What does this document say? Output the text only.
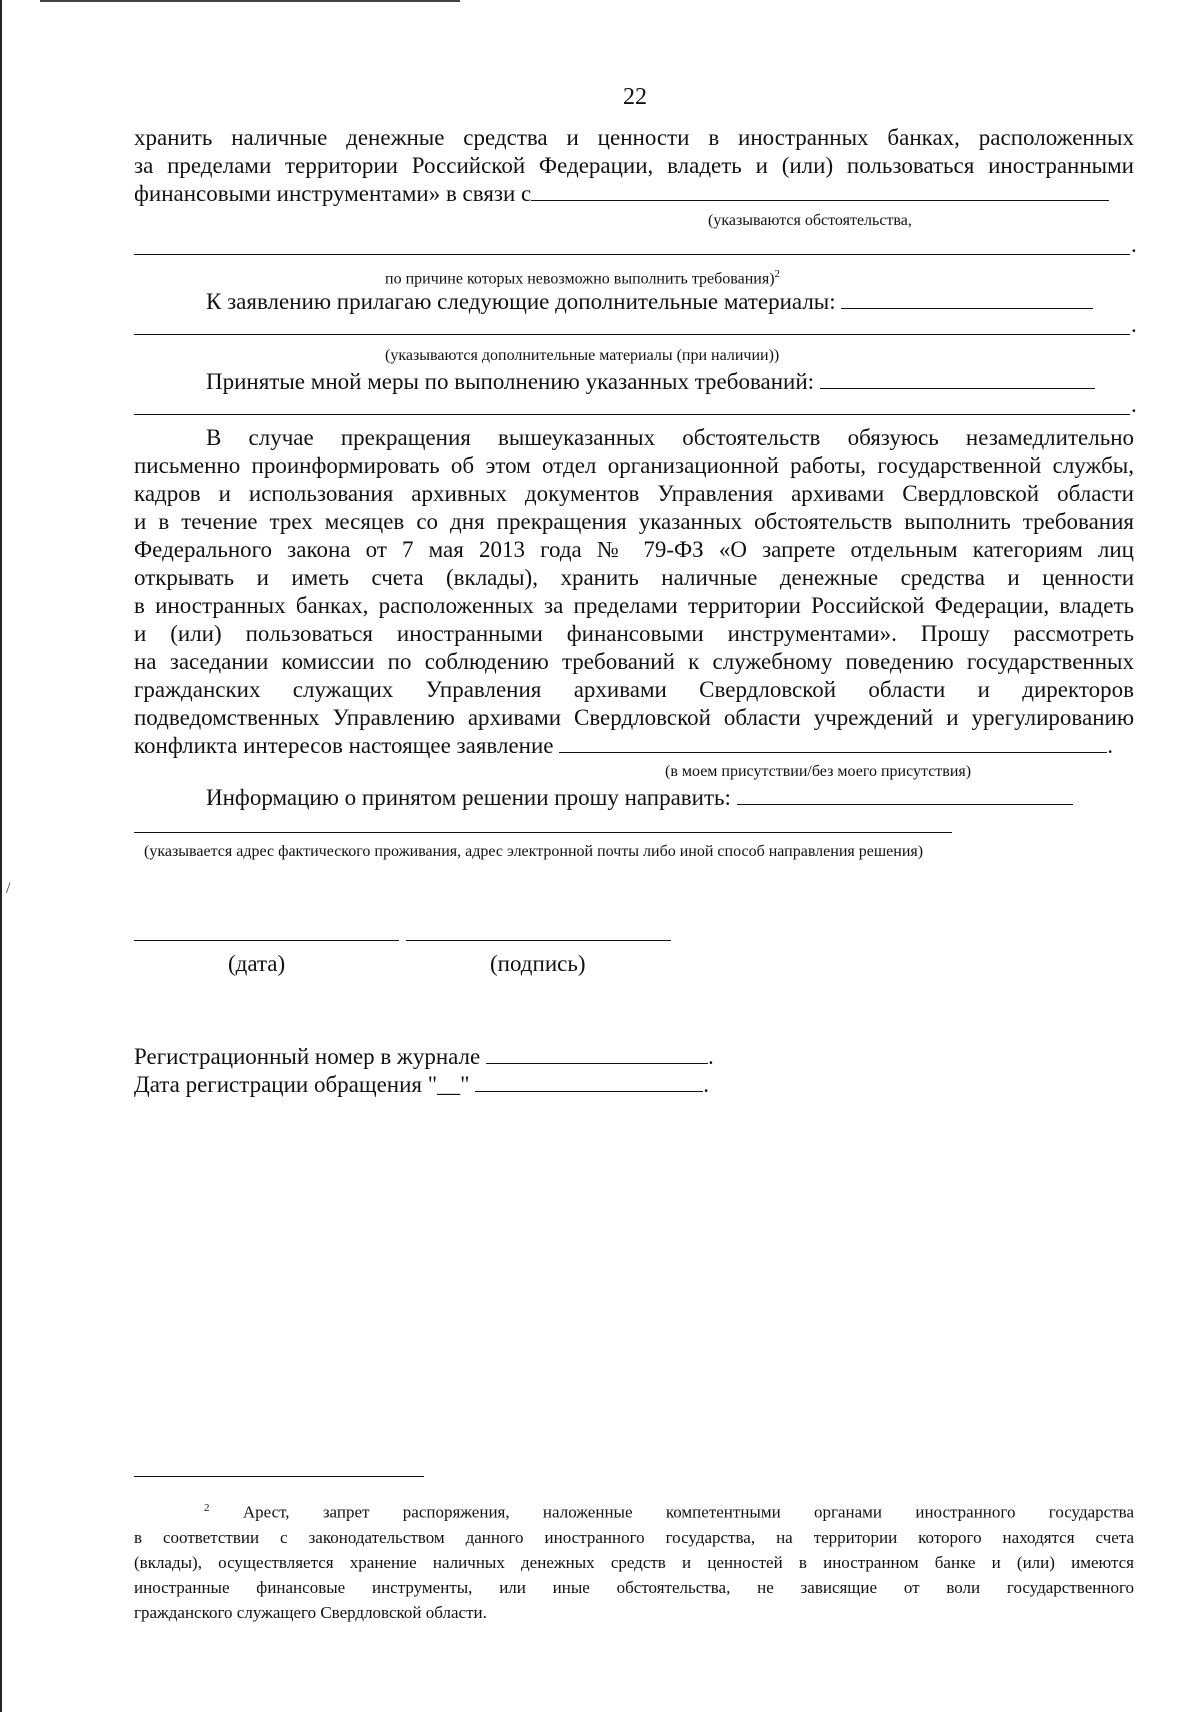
/
22
хранить наличные денежные средства и ценности в иностранных банках, расположенных
за пределами территории Российской Федерации, владеть и (или) пользоваться иностранными
финансовыми инструментами» в связи с
(указываются обстоятельства,
.
по причине которых невозможно выполнить требования)$^2$
К заявлению прилагаю следующие дополнительные материалы:
.
(указываются дополнительные материалы (при наличии))
Принятые мной меры по выполнению указанных требований:
.
В случае прекращения вышеуказанных обстоятельств обязуюсь незамедлительно
письменно проинформировать об этом отдел организационной работы, государственной службы,
кадров и использования архивных документов Управления архивами Свердловской области
и в течение трех месяцев со дня прекращения указанных обстоятельств выполнить требования
Федерального закона от 7 мая 2013 года № 79-ФЗ «О запрете отдельным категориям лиц
открывать и иметь счета (вклады), хранить наличные денежные средства и ценности
в иностранных банках, расположенных за пределами территории Российской Федерации, владеть
и (или) пользоваться иностранными финансовыми инструментами». Прошу рассмотреть
на заседании комиссии по соблюдению требований к служебному поведению государственных
гражданских служащих Управления архивами Свердловской области и директоров
подведомственных Управлению архивами Свердловской области учреждений и урегулированию
конфликта интересов настоящее заявление	.
(в моем присутствии/без моего присутствия)
Информацию о принятом решении прошу направить:
(указывается адрес фактического проживания, адрес электронной почты либо иной способ направления решения)
(дата)	(подпись)
Регистрационный номер в журнале	.
Дата регистрации обращения "__"	.
$^2$ Арест, запрет распоряжения, наложенные компетентными органами иностранного государства
в соответствии с законодательством данного иностранного государства, на территории которого находятся счета
(вклады), осуществляется хранение наличных денежных средств и ценностей в иностранном банке и (или) имеются
иностранные финансовые инструменты, или иные обстоятельства, не зависящие от воли государственного
гражданского служащего Свердловской области.
